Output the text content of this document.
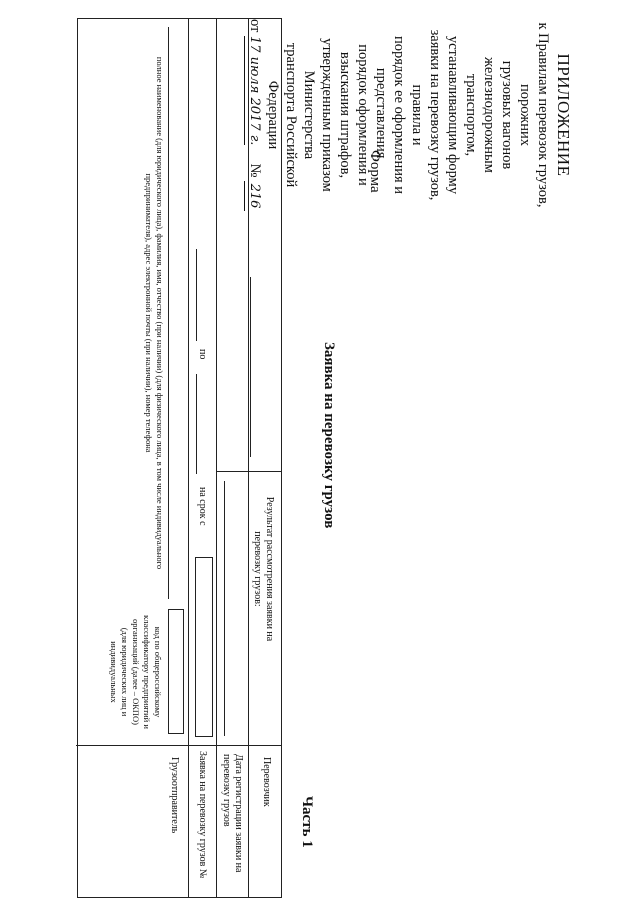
ПРИЛОЖЕНИЕ
к Правилам перевозок грузов, порожних
грузовых вагонов железнодорожным
транспортом, устанавливающим форму
заявки на перевозку грузов, правила и
порядок ее оформления и представления,
порядок оформления и взыскания штрафов,
утвержденным приказом Министерства
транспорта Российской Федерации
от 17 июля 2017 г.     № 216
Форма
Заявка на перевозку грузов
Часть 1
Перевозчик
Результат рассмотрения заявки на перевозку грузов:
Дата регистрации заявки на перевозку грузов
Заявка на перевозку грузов №
на срок с
по
Грузоотправитель
код по общероссийскому классификатору предприятий и организаций (далее – ОКПО) (для юридических лиц и индивидуальных
полное наименование (для юридического лица), фамилия, имя, отчество (при наличии) (для физического лица, в том числе индивидуального предпринимателя), адрес электронной почты (при наличии), номер телефона
